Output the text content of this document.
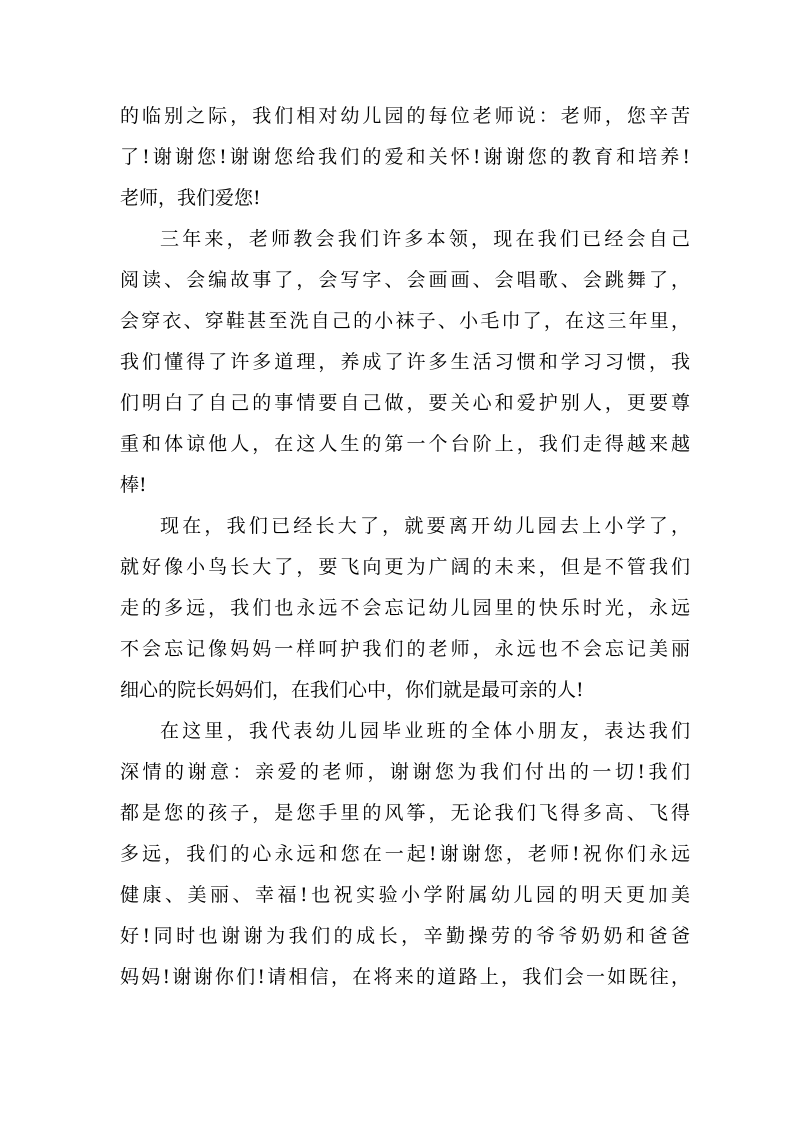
的临别之际，我们相对幼儿园的每位老师说：老师，您辛苦
了!谢谢您!谢谢您给我们的爱和关怀!谢谢您的教育和培养!
老师，我们爱您!
三年来，老师教会我们许多本领，现在我们已经会自己
阅读、会编故事了，会写字、会画画、会唱歌、会跳舞了，
会穿衣、穿鞋甚至洗自己的小袜子、小毛巾了，在这三年里，
我们懂得了许多道理，养成了许多生活习惯和学习习惯，我
们明白了自己的事情要自己做，要关心和爱护别人，更要尊
重和体谅他人，在这人生的第一个台阶上，我们走得越来越
棒!
现在，我们已经长大了，就要离开幼儿园去上小学了，
就好像小鸟长大了，要飞向更为广阔的未来，但是不管我们
走的多远，我们也永远不会忘记幼儿园里的快乐时光，永远
不会忘记像妈妈一样呵护我们的老师，永远也不会忘记美丽
细心的院长妈妈们，在我们心中，你们就是最可亲的人!
在这里，我代表幼儿园毕业班的全体小朋友，表达我们
深情的谢意：亲爱的老师，谢谢您为我们付出的一切!我们
都是您的孩子，是您手里的风筝，无论我们飞得多高、飞得
多远，我们的心永远和您在一起!谢谢您，老师!祝你们永远
健康、美丽、幸福!也祝实验小学附属幼儿园的明天更加美
好!同时也谢谢为我们的成长，辛勤操劳的爷爷奶奶和爸爸
妈妈!谢谢你们!请相信，在将来的道路上，我们会一如既往，
